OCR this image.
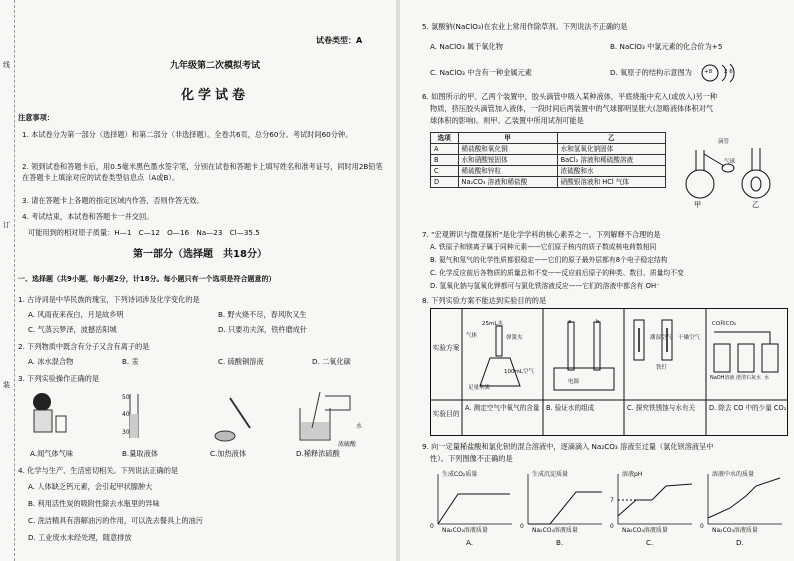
线
订
装
试卷类型：A
九年级第二次模拟考试
化学试卷
注意事项：
1. 本试卷分为第一部分（选择题）和第二部分（非选择题）。全卷共6页，总分60分。考试时间60分钟。
2. 领到试卷和答题卡后，用0.5毫米黑色墨水签字笔，分别在试卷和答题卡上填写姓名和准考证号，同时用2B铅笔在答题卡上填涂对应的试卷类型信息点（A或B）。
3. 请在答题卡上各题的指定区域内作答，否则作答无效。
4. 考试结束，本试卷和答题卡一并交回。
可能用到的相对原子质量：H—1　C—12　O—16　Na—23　Cl—35.5
第一部分（选择题　共18分）
一、选择题（共9小题，每小题2分，计18分。每小题只有一个选项是符合题意的）
1. 古诗词是中华民族的瑰宝，下列诗词涉及化学变化的是
A. 风雨夜来夜白，月是故乡明	B. 野火烧不尽，春风吹又生
C. 气蒸云梦泽，波撼岳阳城	D. 只要功夫深，铁杵磨成针
2. 下列物质中既含有分子又含有离子的是
A. 冰水混合物	B. 汞	C. 硫酸铜溶液	D. 二氧化碳
3. 下列实验操作正确的是
50
40
30
水
浓硫酸
A.闻气体气味	B.量取液体	C.加热液体	D.稀释浓硫酸
4. 化学与生产、生活密切相关。下列说法正确的是
A. 人体缺乏钙元素，会引起甲状腺肿大
B. 利用活性炭的吸附性除去水瓶里的异味
C. 洗洁精具有溶解油污的作用，可以洗去餐具上的油污
D. 工业废水未经处理，随意排放
5. 氯酸钠(NaClO₃)在农业上常用作除草剂。下列说法不正确的是
A. NaClO₃ 属于氧化物	B. NaClO₃ 中氯元素的化合价为+5
C. NaClO₃ 中含有一种金属元素	D. 氧原子的结构示意图为 +8 2 6
6. 如图所示的甲、乙两个装置中，胶头滴管中吸入某种液体，平底烧瓶中充入(或放入)另一种
物质，挤压胶头滴管加入液体，一段时间后两装置中的气球都明显胀大(忽略液体体积对气
球体积的影响)。则甲、乙装置中所用试剂可能是
选项	甲	乙
A	稀盐酸和氧化铜	水和氢氧化钠固体
B	水和硝酸铵固体	BaCl₂ 溶液和稀硫酸溶液
C	稀硫酸和锌粒	浓硫酸和水
D	Na₂CO₃ 溶液和稀盐酸	硝酸银溶液和 HCl 气体
滴管
气球
甲	乙
7. "宏观辨识与微观探析"是化学学科的核心素养之一。下列解释不合理的是
A. 铁原子和镁离子属于同种元素——它们原子核内的质子数或核电荷数相同
B. 氦气和氖气的化学性质都很稳定——它们的原子最外层都有8个电子稳定结构
C. 化学反应前后各物质的质量总和不变——反应前后原子的种类、数目、质量均不变
D. 氢氧化钠与氢氧化钾都可与氯化铁溶液反应——它们的溶液中都含有 OH⁻
8. 下列实验方案不能达到实验目的的是
实验方案
实验目的
25mL水
弹簧夹
气体
100mL空气
足量木炭
a	b
电源
潮湿空气 干燥空气
铁钉
CO和CO₂
NaOH溶液 澄清石灰水 水
A. 测定空气中氧气的含量 B. 验证水的组成	C. 探究铁锈蚀与水有关	D. 除去 CO 中的少量 CO₂
9. 向一定量稀盐酸和氯化钡的混合溶液中，逐滴滴入 Na₂CO₃ 溶液至过量（氯化钡溶液呈中
性）。下列图像不正确的是
生成CO₂质量	生成沉淀质量	溶液pH	溶液中水的质量
7
0	0	0	0
Na₂CO₃溶液质量	Na₂CO₃溶液质量	Na₂CO₃溶液质量	Na₂CO₃溶液质量
A.	B.	C.	D.
